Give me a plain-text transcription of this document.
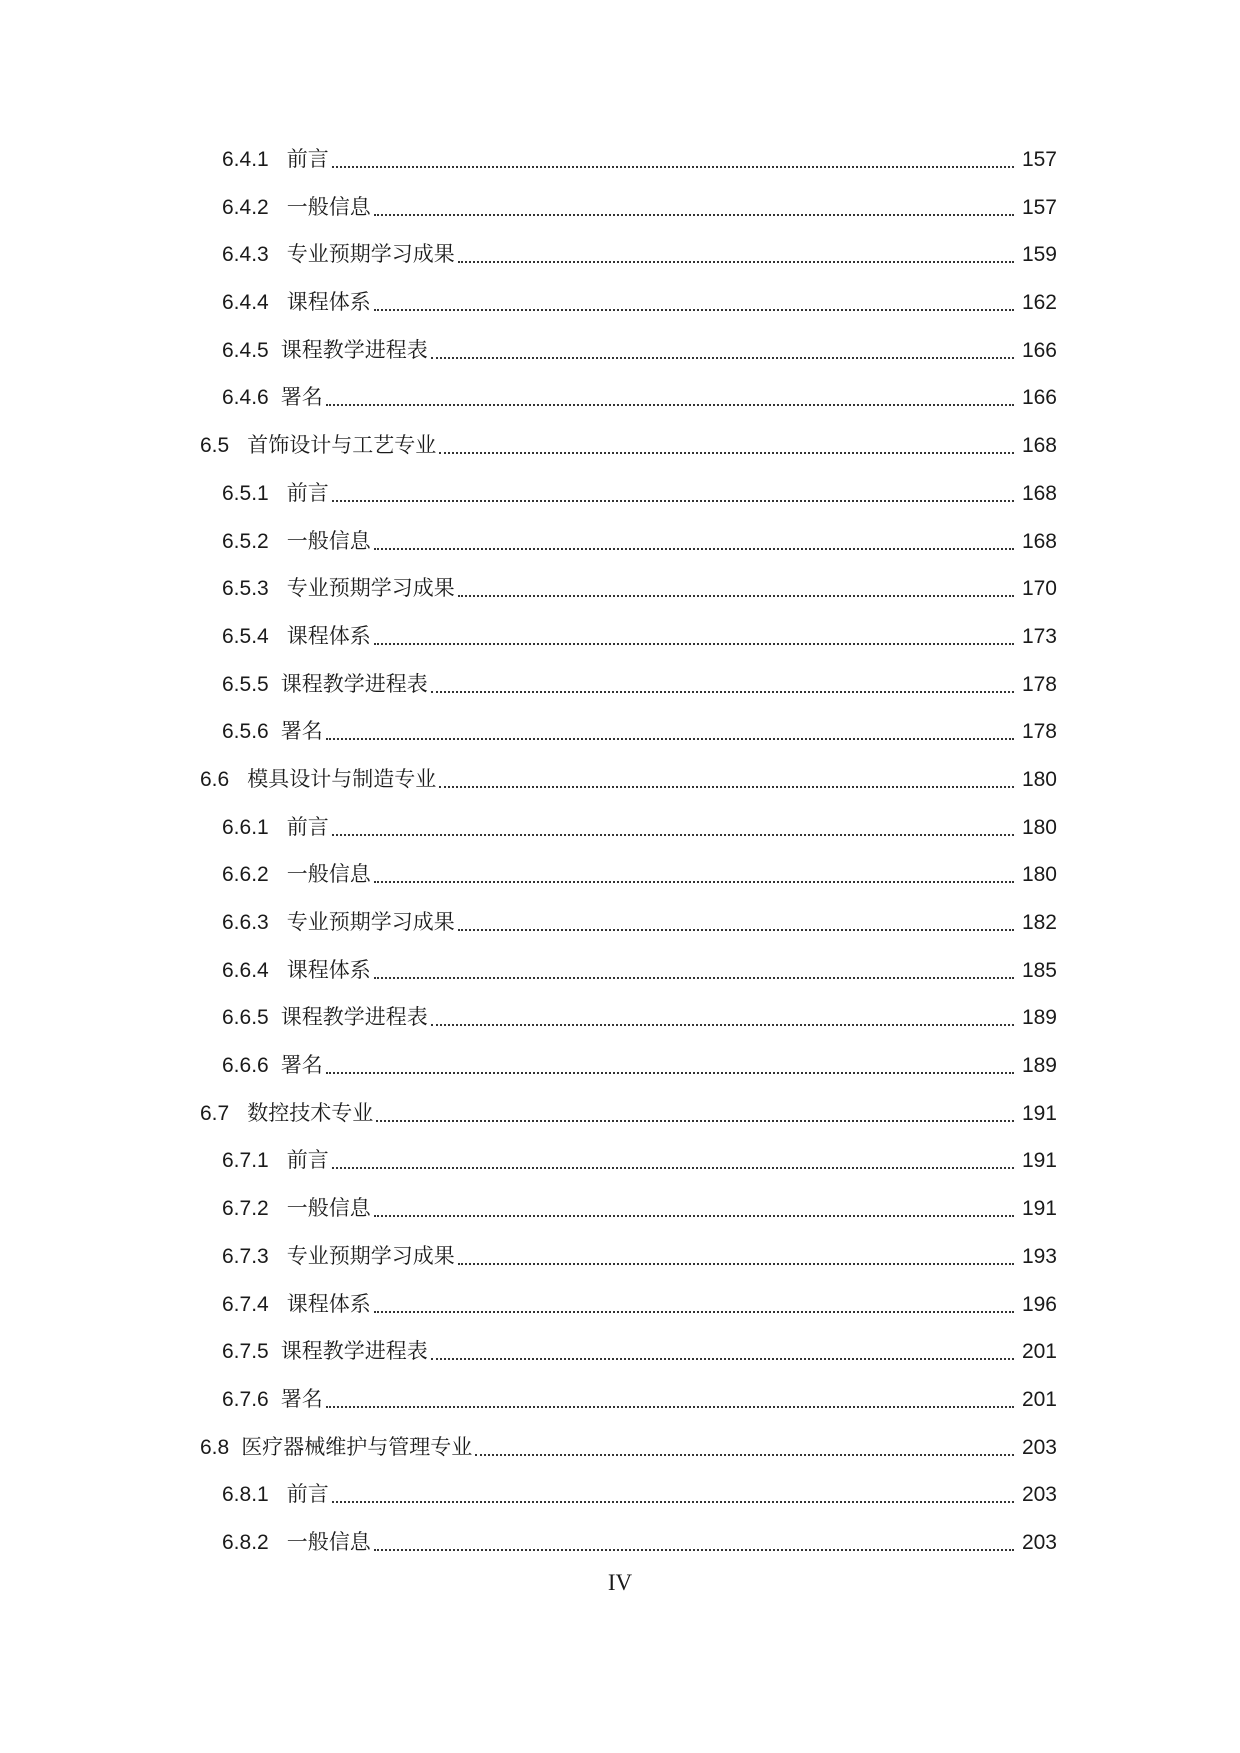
6.4.1 前言	157
6.4.2 一般信息	157
6.4.3 专业预期学习成果	159
6.4.4 课程体系	162
6.4.5 课程教学进程表	166
6.4.6 署名	166
6.5 首饰设计与工艺专业	168
6.5.1 前言	168
6.5.2 一般信息	168
6.5.3 专业预期学习成果	170
6.5.4 课程体系	173
6.5.5 课程教学进程表	178
6.5.6 署名	178
6.6 模具设计与制造专业	180
6.6.1 前言	180
6.6.2 一般信息	180
6.6.3 专业预期学习成果	182
6.6.4 课程体系	185
6.6.5 课程教学进程表	189
6.6.6 署名	189
6.7 数控技术专业	191
6.7.1 前言	191
6.7.2 一般信息	191
6.7.3 专业预期学习成果	193
6.7.4 课程体系	196
6.7.5 课程教学进程表	201
6.7.6 署名	201
6.8 医疗器械维护与管理专业	203
6.8.1 前言	203
6.8.2 一般信息	203
IV
